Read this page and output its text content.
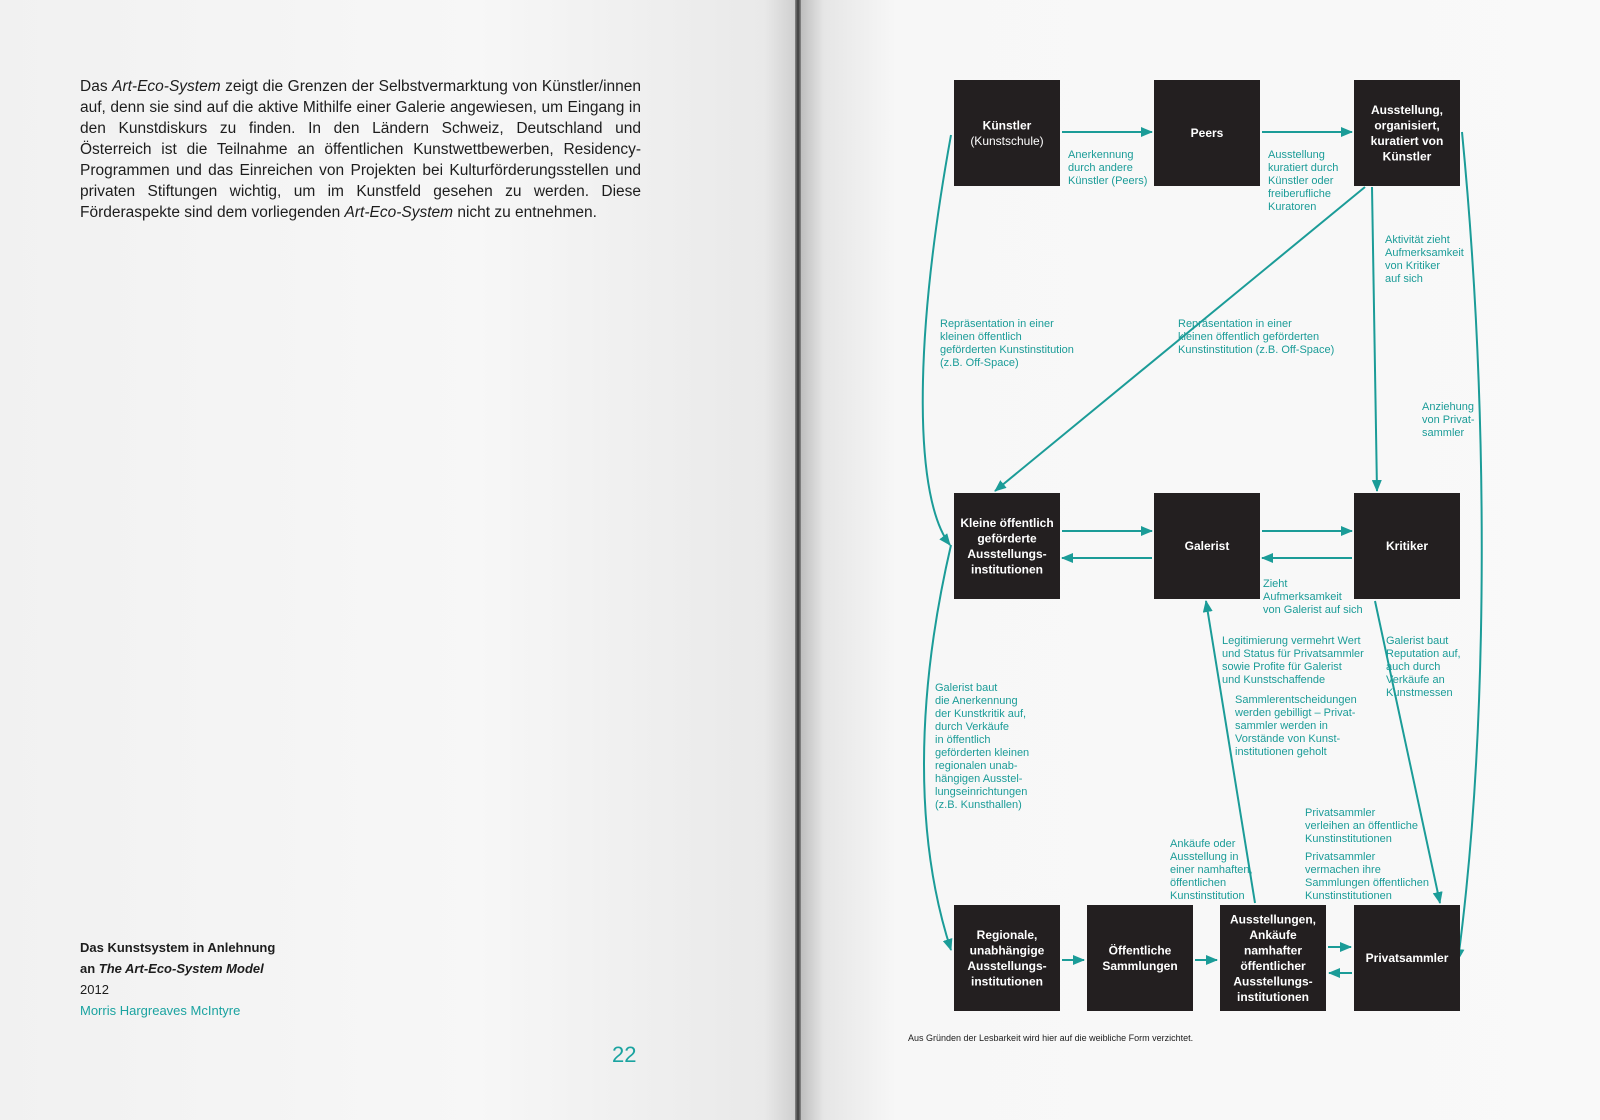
Das Art-Eco-System zeigt die Grenzen der Selbstvermarktung von Künstler/innen auf, denn sie sind auf die aktive Mithilfe einer Galerie angewiesen, um Eingang in den Kunstdiskurs zu finden. In den Ländern Schweiz, Deutschland und Österreich ist die Teilnahme an öffentlichen Kunstwettbewerben, Residency-Programmen und das Einreichen von Projekten bei Kulturförderungsstellen und privaten Stiftungen wichtig, um im Kunstfeld gesehen zu werden. Diese Förderaspekte sind dem vorliegenden Art-Eco-System nicht zu entnehmen.

Das Kunstsystem in Anlehnung
an The Art-Eco-System Model
2012
Morris Hargreaves McIntyre
22
Künstler
(Kunstschule)
Peers
Ausstellung,
organisiert,
kuratiert von
Künstler
Kleine öffentlich
geförderte
Ausstellungs-
institutionen
Galerist	Kritiker
Regionale,
unabhängige
Ausstellungs-
institutionen
Öffentliche
Sammlungen
Ausstellungen,
Ankäufe
namhafter
öffentlicher
Ausstellungs-
institutionen
Privatsammler
Anerkennung
durch andere
Künstler (Peers)
Ausstellung
kuratiert durch
Künstler oder
freiberufliche
Kuratoren
Aktivität zieht
Aufmerksamkeit
von Kritiker
auf sich
Repräsentation in einer
kleinen öffentlich
geförderten Kunstinstitution
(z.B. Off-Space)
Repräsentation in einer
kleinen öffentlich geförderten
Kunstinstitution (z.B. Off-Space)
Anziehung
von Privat-
sammler
Zieht
Aufmerksamkeit
von Galerist auf sich
Legitimierung vermehrt Wert
und Status für Privatsammler
sowie Profite für Galerist
und Kunstschaffende
Sammlerentscheidungen
werden gebilligt – Privat-
sammler werden in
Vorstände von Kunst-
institutionen geholt
Galerist baut
Reputation auf,
auch durch
Verkäufe an
Kunstmessen
Galerist baut
die Anerkennung
der Kunstkritik auf,
durch Verkäufe
in öffentlich
geförderten kleinen
regionalen unab-
hängigen Ausstel-
lungseinrichtungen
(z.B. Kunsthallen)
Ankäufe oder
Ausstellung in
einer namhaften,
öffentlichen
Kunstinstitution
Privatsammler
verleihen an öffentliche
Kunstinstitutionen
Privatsammler
vermachen ihre
Sammlungen öffentlichen
Kunstinstitutionen
Aus Gründen der Lesbarkeit wird hier auf die weibliche Form verzichtet.
